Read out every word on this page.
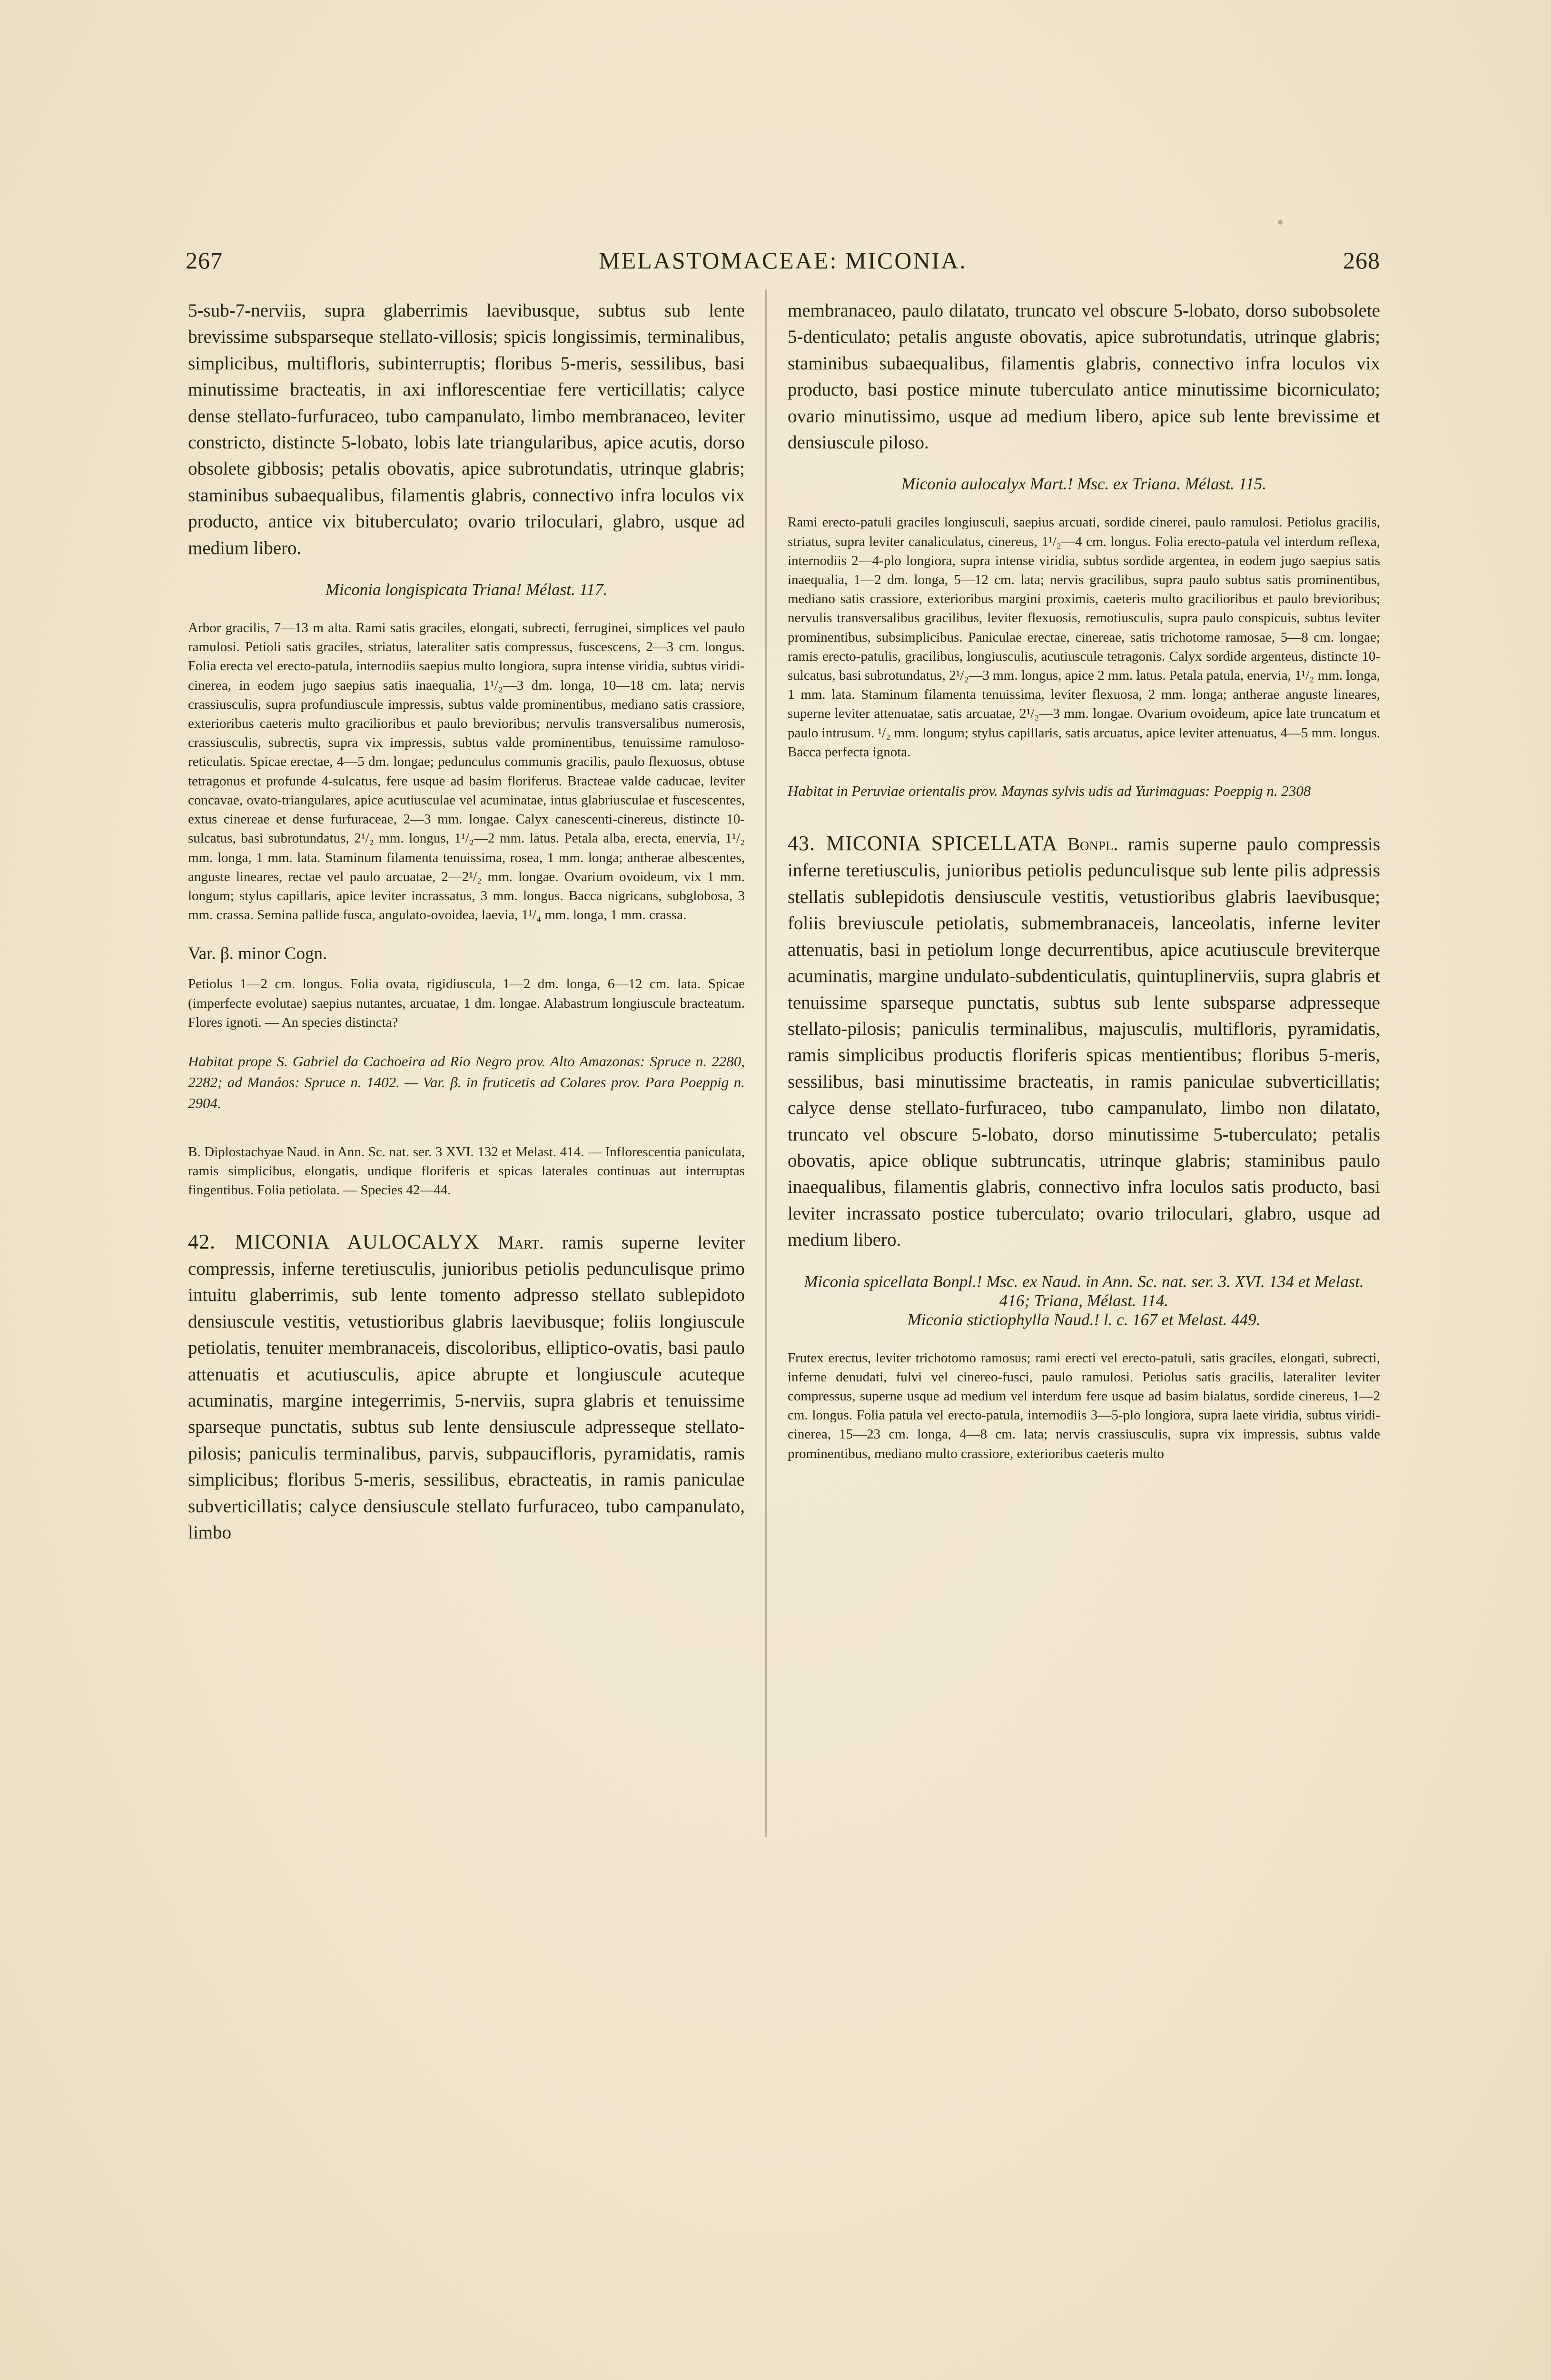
267	MELASTOMACEAE: MICONIA.	268

5-sub-7-nerviis, supra glaberrimis laevibusque, subtus sub lente brevissime subsparseque stellato-villosis; spicis longissimis, terminalibus, simplicibus, multifloris, subinterruptis; floribus 5-meris, sessilibus, basi minutissime bracteatis, in axi inflorescentiae fere verticillatis; calyce dense stellato-furfuraceo, tubo campanulato, limbo membranaceo, leviter constricto, distincte 5-lobato, lobis late triangularibus, apice acutis, dorso obsolete gibbosis; petalis obovatis, apice subrotundatis, utrinque glabris; staminibus subaequalibus, filamentis glabris, connectivo infra loculos vix producto, antice vix bituberculato; ovario triloculari, glabro, usque ad medium libero.

Miconia longispicata Triana! Mélast. 117.

Arbor gracilis, 7—13 m alta. Rami satis graciles, elongati, subrecti, ferruginei, simplices vel paulo ramulosi. Petioli satis graciles, striatus, lateraliter satis compressus, fuscescens, 2—3 cm. longus. Folia erecta vel erecto-patula, internodiis saepius multo longiora, supra intense viridia, subtus viridi-cinerea, in eodem jugo saepius satis inaequalia, 1¹/₂—3 dm. longa, 10—18 cm. lata; nervis crassiusculis, supra profundiuscule impressis, subtus valde prominentibus, mediano satis crassiore, exterioribus caeteris multo gracilioribus et paulo brevioribus; nervulis transversalibus numerosis, crassiusculis, subrectis, supra vix impressis, subtus valde prominentibus, tenuissime ramuloso-reticulatis. Spicae erectae, 4—5 dm. longae; pedunculus communis gracilis, paulo flexuosus, obtuse tetragonus et profunde 4-sulcatus, fere usque ad basim floriferus. Bracteae valde caducae, leviter concavae, ovato-triangulares, apice acutiusculae vel acuminatae, intus glabriusculae et fuscescentes, extus cinereae et dense furfuraceae, 2—3 mm. longae. Calyx canescenti-cinereus, distincte 10-sulcatus, basi subrotundatus, 2¹/₂ mm. longus, 1¹/₂—2 mm. latus. Petala alba, erecta, enervia, 1¹/₂ mm. longa, 1 mm. lata. Staminum filamenta tenuissima, rosea, 1 mm. longa; antherae albescentes, anguste lineares, rectae vel paulo arcuatae, 2—2¹/₂ mm. longae. Ovarium ovoideum, vix 1 mm. longum; stylus capillaris, apice leviter incrassatus, 3 mm. longus. Bacca nigricans, subglobosa, 3 mm. crassa. Semina pallide fusca, angulato-ovoidea, laevia, 1¹/₄ mm. longa, 1 mm. crassa.

Var. β. minor Cogn.

Petiolus 1—2 cm. longus. Folia ovata, rigidiuscula, 1—2 dm. longa, 6—12 cm. lata. Spicae (imperfecte evolutae) saepius nutantes, arcuatae, 1 dm. longae. Alabastrum longiuscule bracteatum. Flores ignoti. — An species distincta?

Habitat prope S. Gabriel da Cachoeira ad Rio Negro prov. Alto Amazonas: Spruce n. 2280, 2282; ad Manáos: Spruce n. 1402. — Var. β. in fruticetis ad Colares prov. Para Poeppig n. 2904.

B. Diplostachyae Naud. in Ann. Sc. nat. ser. 3 XVI. 132 et Melast. 414. — Inflorescentia paniculata, ramis simplicibus, elongatis, undique floriferis et spicas laterales continuas aut interruptas fingentibus. Folia petiolata. — Species 42—44.

42. MICONIA AULOCALYX Mart. ramis superne leviter compressis, inferne teretiusculis, junioribus petiolis pedunculisque primo intuitu glaberrimis, sub lente tomento adpresso stellato sublepidoto densiuscule vestitis, vetustioribus glabris laevibusque; foliis longiuscule petiolatis, tenuiter membranaceis, discoloribus, elliptico-ovatis, basi paulo attenuatis et acutiusculis, apice abrupte et longiuscule acuteque acuminatis, margine integerrimis, 5-nerviis, supra glabris et tenuissime sparseque punctatis, subtus sub lente densiuscule adpresseque stellato-pilosis; paniculis terminalibus, parvis, subpaucifloris, pyramidatis, ramis simplicibus; floribus 5-meris, sessilibus, ebracteatis, in ramis paniculae subverticillatis; calyce densiuscule stellato furfuraceo, tubo campanulato, limbo

membranaceo, paulo dilatato, truncato vel obscure 5-lobato, dorso subobsolete 5-denticulato; petalis anguste obovatis, apice subrotundatis, utrinque glabris; staminibus subaequalibus, filamentis glabris, connectivo infra loculos vix producto, basi postice minute tuberculato antice minutissime bicorniculato; ovario minutissimo, usque ad medium libero, apice sub lente brevissime et densiuscule piloso.

Miconia aulocalyx Mart.! Msc. ex Triana. Mélast. 115.

Rami erecto-patuli graciles longiusculi, saepius arcuati, sordide cinerei, paulo ramulosi. Petiolus gracilis, striatus, supra leviter canaliculatus, cinereus, 1¹/₂—4 cm. longus. Folia erecto-patula vel interdum reflexa, internodiis 2—4-plo longiora, supra intense viridia, subtus sordide argentea, in eodem jugo saepius satis inaequalia, 1—2 dm. longa, 5—12 cm. lata; nervis gracilibus, supra paulo subtus satis prominentibus, mediano satis crassiore, exterioribus margini proximis, caeteris multo gracilioribus et paulo brevioribus; nervulis transversalibus gracilibus, leviter flexuosis, remotiusculis, supra paulo conspicuis, subtus leviter prominentibus, subsimplicibus. Paniculae erectae, cinereae, satis trichotome ramosae, 5—8 cm. longae; ramis erecto-patulis, gracilibus, longiusculis, acutiuscule tetragonis. Calyx sordide argenteus, distincte 10-sulcatus, basi subrotundatus, 2¹/₂—3 mm. longus, apice 2 mm. latus. Petala patula, enervia, 1¹/₂ mm. longa, 1 mm. lata. Staminum filamenta tenuissima, leviter flexuosa, 2 mm. longa; antherae anguste lineares, superne leviter attenuatae, satis arcuatae, 2¹/₂—3 mm. longae. Ovarium ovoideum, apice late truncatum et paulo intrusum. ¹/₂ mm. longum; stylus capillaris, satis arcuatus, apice leviter attenuatus, 4—5 mm. longus. Bacca perfecta ignota.

Habitat in Peruviae orientalis prov. Maynas sylvis udis ad Yurimaguas: Poeppig n. 2308

43. MICONIA SPICELLATA Bonpl. ramis superne paulo compressis inferne teretiusculis, junioribus petiolis pedunculisque sub lente pilis adpressis stellatis sublepidotis densiuscule vestitis, vetustioribus glabris laevibusque; foliis breviuscule petiolatis, submembranaceis, lanceolatis, inferne leviter attenuatis, basi in petiolum longe decurrentibus, apice acutiuscule breviterque acuminatis, margine undulato-subdenticulatis, quintuplinerviis, supra glabris et tenuissime sparseque punctatis, subtus sub lente subsparse adpresseque stellato-pilosis; paniculis terminalibus, majusculis, multifloris, pyramidatis, ramis simplicibus productis floriferis spicas mentientibus; floribus 5-meris, sessilibus, basi minutissime bracteatis, in ramis paniculae subverticillatis; calyce dense stellato-furfuraceo, tubo campanulato, limbo non dilatato, truncato vel obscure 5-lobato, dorso minutissime 5-tuberculato; petalis obovatis, apice oblique subtruncatis, utrinque glabris; staminibus paulo inaequalibus, filamentis glabris, connectivo infra loculos satis producto, basi leviter incrassato postice tuberculato; ovario triloculari, glabro, usque ad medium libero.

Miconia spicellata Bonpl.! Msc. ex Naud. in Ann. Sc. nat. ser. 3. XVI. 134 et Melast. 416; Triana, Mélast. 114.

Miconia stictiophylla Naud.! l. c. 167 et Melast. 449.

Frutex erectus, leviter trichotomo ramosus; rami erecti vel erecto-patuli, satis graciles, elongati, subrecti, inferne denudati, fulvi vel cinereo-fusci, paulo ramulosi. Petiolus satis gracilis, lateraliter leviter compressus, superne usque ad medium vel interdum fere usque ad basim bialatus, sordide cinereus, 1—2 cm. longus. Folia patula vel erecto-patula, internodiis 3—5-plo longiora, supra laete viridia, subtus viridi-cinerea, 15—23 cm. longa, 4—8 cm. lata; nervis crassiusculis, supra vix impressis, subtus valde prominentibus, mediano multo crassiore, exterioribus caeteris multo
